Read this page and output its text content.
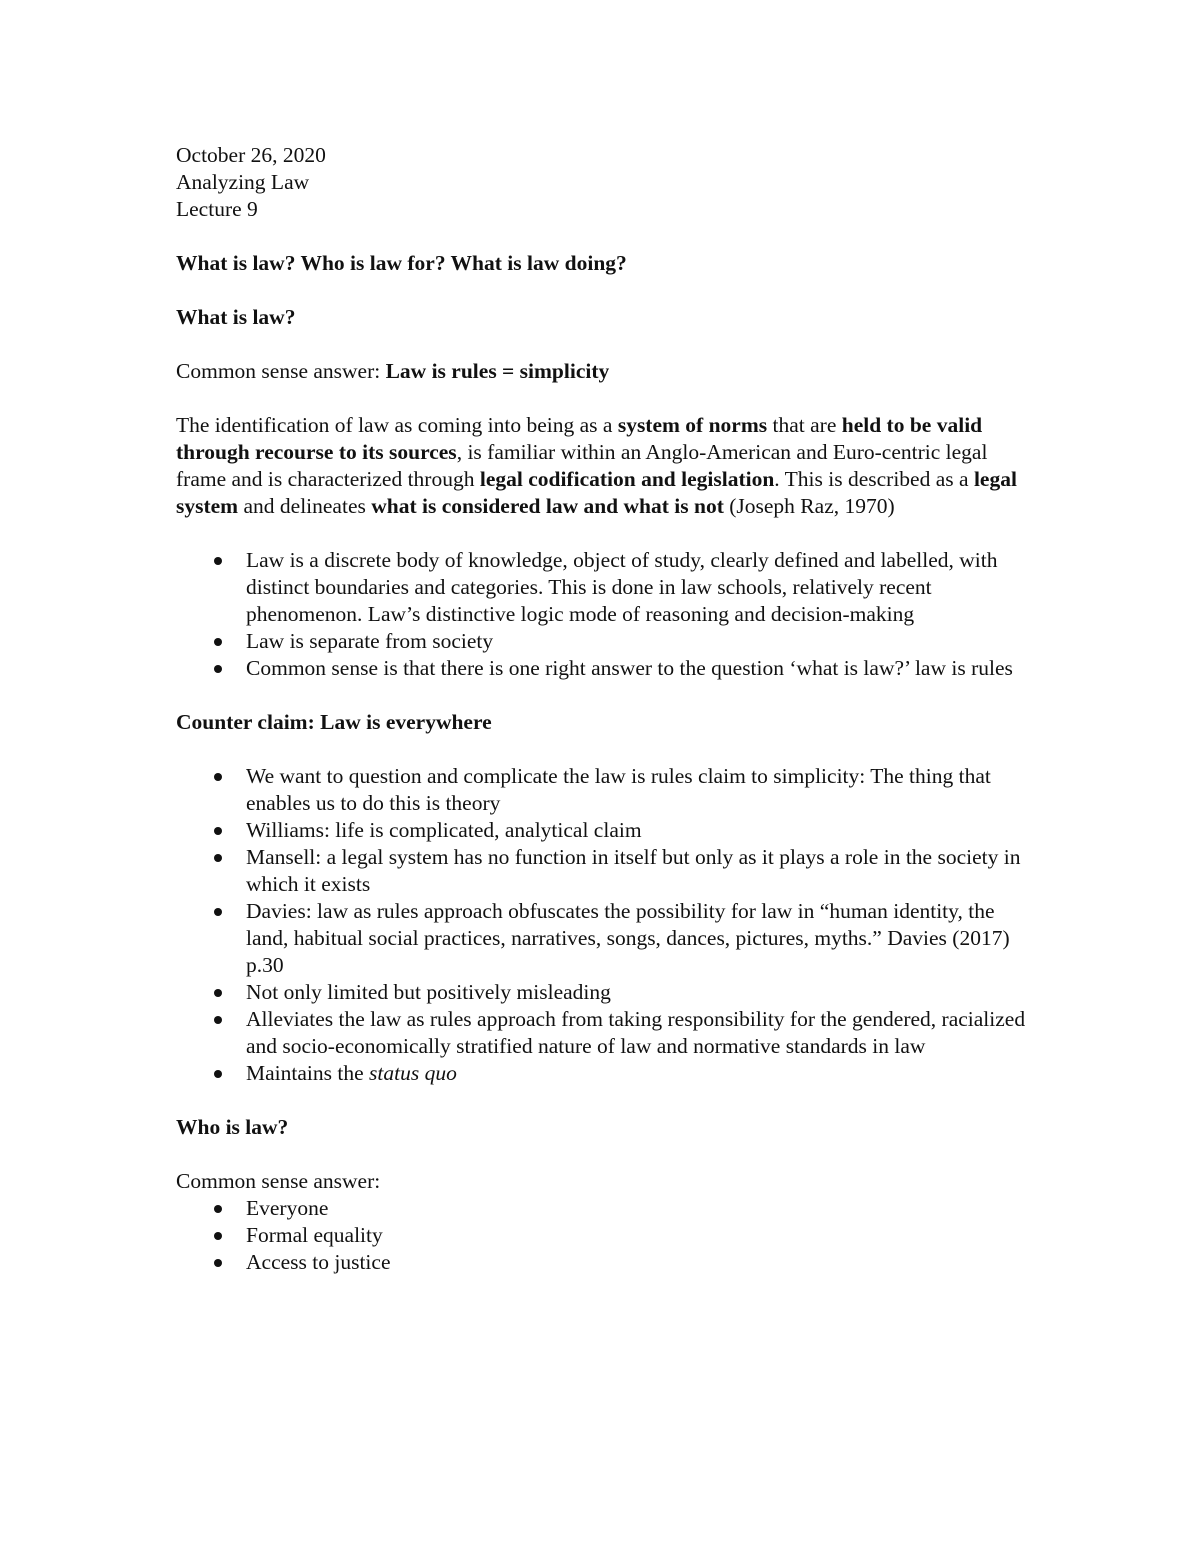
October 26, 2020

Analyzing Law

Lecture 9

What is law? Who is law for? What is law doing?

What is law?

Common sense answer: Law is rules = simplicity

The identification of law as coming into being as a system of norms that are held to be valid through recourse to its sources, is familiar within an Anglo-American and Euro-centric legal frame and is characterized through legal codification and legislation. This is described as a legal system and delineates what is considered law and what is not (Joseph Raz, 1970)

Law is a discrete body of knowledge, object of study, clearly defined and labelled, with distinct boundaries and categories. This is done in law schools, relatively recent phenomenon. Law’s distinctive logic mode of reasoning and decision-making
Law is separate from society
Common sense is that there is one right answer to the question ‘what is law?’ law is rules

Counter claim: Law is everywhere

We want to question and complicate the law is rules claim to simplicity: The thing that enables us to do this is theory
Williams: life is complicated, analytical claim
Mansell: a legal system has no function in itself but only as it plays a role in the society in which it exists
Davies: law as rules approach obfuscates the possibility for law in “human identity, the land, habitual social practices, narratives, songs, dances, pictures, myths.” Davies (2017) p.30
Not only limited but positively misleading
Alleviates the law as rules approach from taking responsibility for the gendered, racialized and socio-economically stratified nature of law and normative standards in law
Maintains the status quo

Who is law?

Common sense answer:

Everyone
Formal equality
Access to justice
